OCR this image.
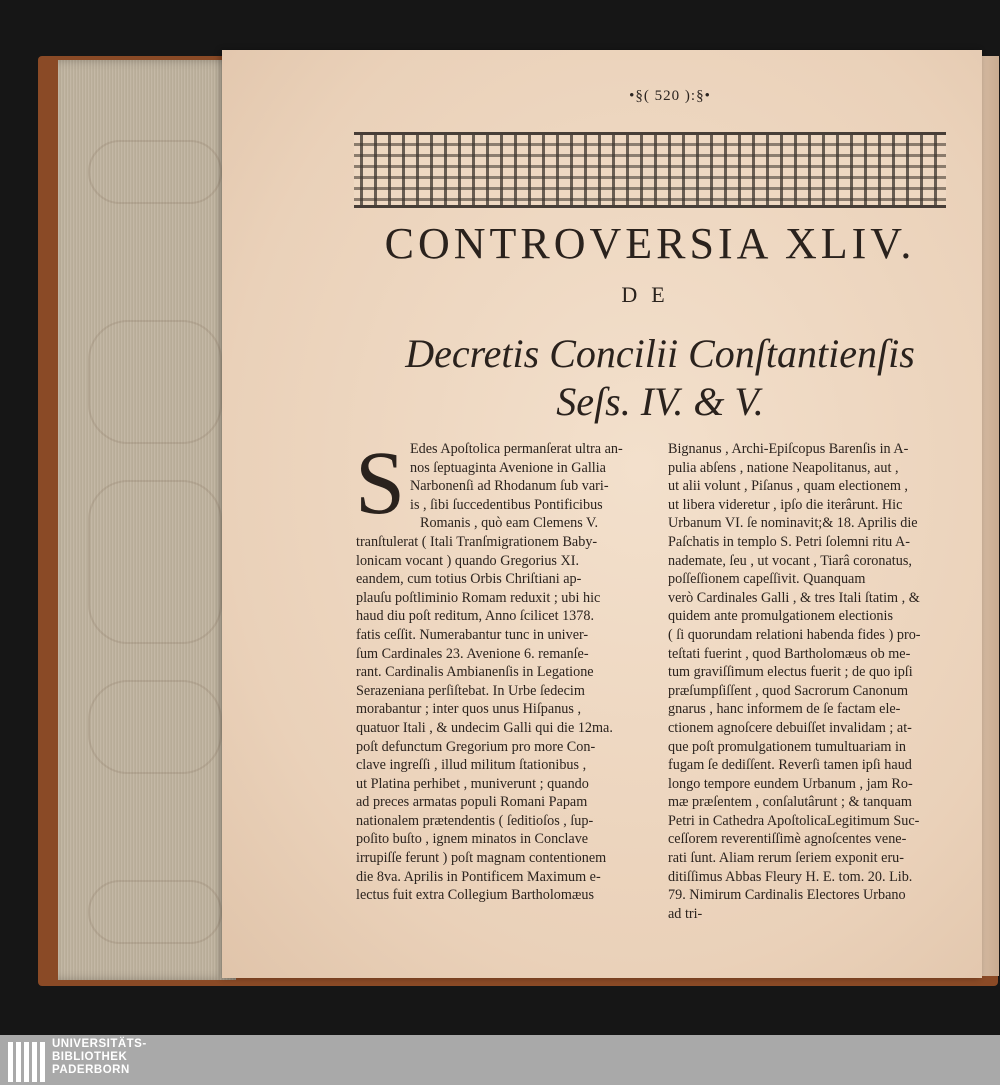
•§( 520 ):§•
CONTROVERSIA XLIV.
DE
Decretis Concilii Conſtantienſis
Seſs. IV. & V.
S Edes Apoſtolica permanſerat ultra an-
nos ſeptuaginta Avenione in Gallia
Narbonenſi ad Rhodanum ſub vari-
is , ſibi ſuccedentibus Pontificibus
Romanis , quò eam Clemens V.
tranſtulerat ( Itali Tranſmigrationem Baby-
lonicam vocant ) quando Gregorius XI.
eandem, cum totius Orbis Chriſtiani ap-
plauſu poſtliminio Romam reduxit ; ubi hic
haud diu poſt reditum, Anno ſcilicet 1378.
fatis ceſſit. Numerabantur tunc in univer-
ſum Cardinales 23. Avenione 6. remanſe-
rant. Cardinalis Ambianenſis in Legatione
Serazeniana perſiſtebat. In Urbe ſedecim
morabantur ; inter quos unus Hiſpanus ,
quatuor Itali , & undecim Galli qui die 12ma.
poſt defunctum Gregorium pro more Con-
clave ingreſſi , illud militum ſtationibus ,
ut Platina perhibet , muniverunt ; quando
ad preces armatas populi Romani Papam
nationalem prætendentis ( ſeditioſos , ſup-
poſito buſto , ignem minatos in Conclave
irrupiſſe ferunt ) poſt magnam contentionem
die 8va. Aprilis in Pontificem Maximum e-
lectus fuit extra Collegium Bartholomæus
Bignanus , Archi-Epiſcopus Barenſis in A-
pulia abſens , natione Neapolitanus, aut ,
ut alii volunt , Piſanus , quam electionem ,
ut libera videretur , ipſo die iterârunt. Hic
Urbanum VI. ſe nominavit;& 18. Aprilis die
Paſchatis in templo S. Petri ſolemni ritu A-
nademate, ſeu , ut vocant , Tiarâ coronatus,
poſſeſſionem capeſſivit. Quanquam
verò Cardinales Galli , & tres Itali ſtatim , &
quidem ante promulgationem electionis
( ſi quorundam relationi habenda fides ) pro-
teſtati fuerint , quod Bartholomæus ob me-
tum graviſſimum electus fuerit ; de quo ipſi
præſumpſiſſent , quod Sacrorum Canonum
gnarus , hanc informem de ſe factam ele-
ctionem agnoſcere debuiſſet invalidam ; at-
que poſt promulgationem tumultuariam in
fugam ſe dediſſent. Reverſi tamen ipſi haud
longo tempore eundem Urbanum , jam Ro-
mæ præſentem , conſalutârunt ; & tanquam
Petri in Cathedra ApoſtolicaLegitimum Suc-
ceſſorem reverentiſſimè agnoſcentes vene-
rati ſunt. Aliam rerum ſeriem exponit eru-
ditiſſimus Abbas Fleury H. E. tom. 20. Lib.
79. Nimirum Cardinalis Electores Urbano
ad tri-
UNIVERSITÄTS-
BIBLIOTHEK
PADERBORN
